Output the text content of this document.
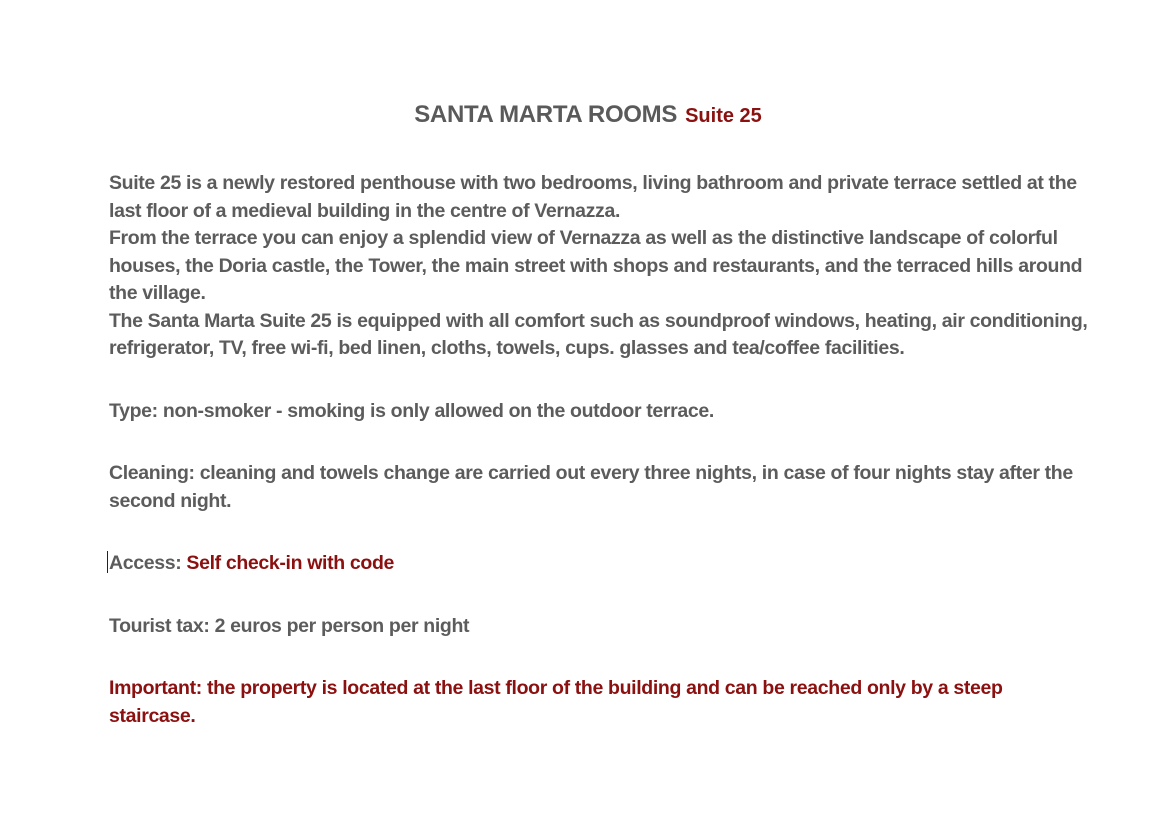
SANTA MARTA ROOMS Suite 25
Suite 25 is a newly restored penthouse with two bedrooms, living bathroom and private terrace settled at the last floor of a medieval building in the centre of Vernazza.
From the terrace you can enjoy a splendid view of Vernazza as well as the distinctive landscape of colorful houses, the Doria castle, the Tower, the main street with shops and restaurants, and the terraced hills around the village.
The Santa Marta Suite 25 is equipped with all comfort such as soundproof windows, heating, air conditioning, refrigerator, TV, free wi-fi, bed linen, cloths, towels, cups. glasses and tea/coffee facilities.
Type: non-smoker - smoking is only allowed on the outdoor terrace.
Cleaning: cleaning and towels change are carried out every three nights, in case of four nights stay after the second night.
Access: Self check-in with code
Tourist tax: 2 euros per person per night
Important: the property is located at the last floor of the building and can be reached only by a steep staircase.
